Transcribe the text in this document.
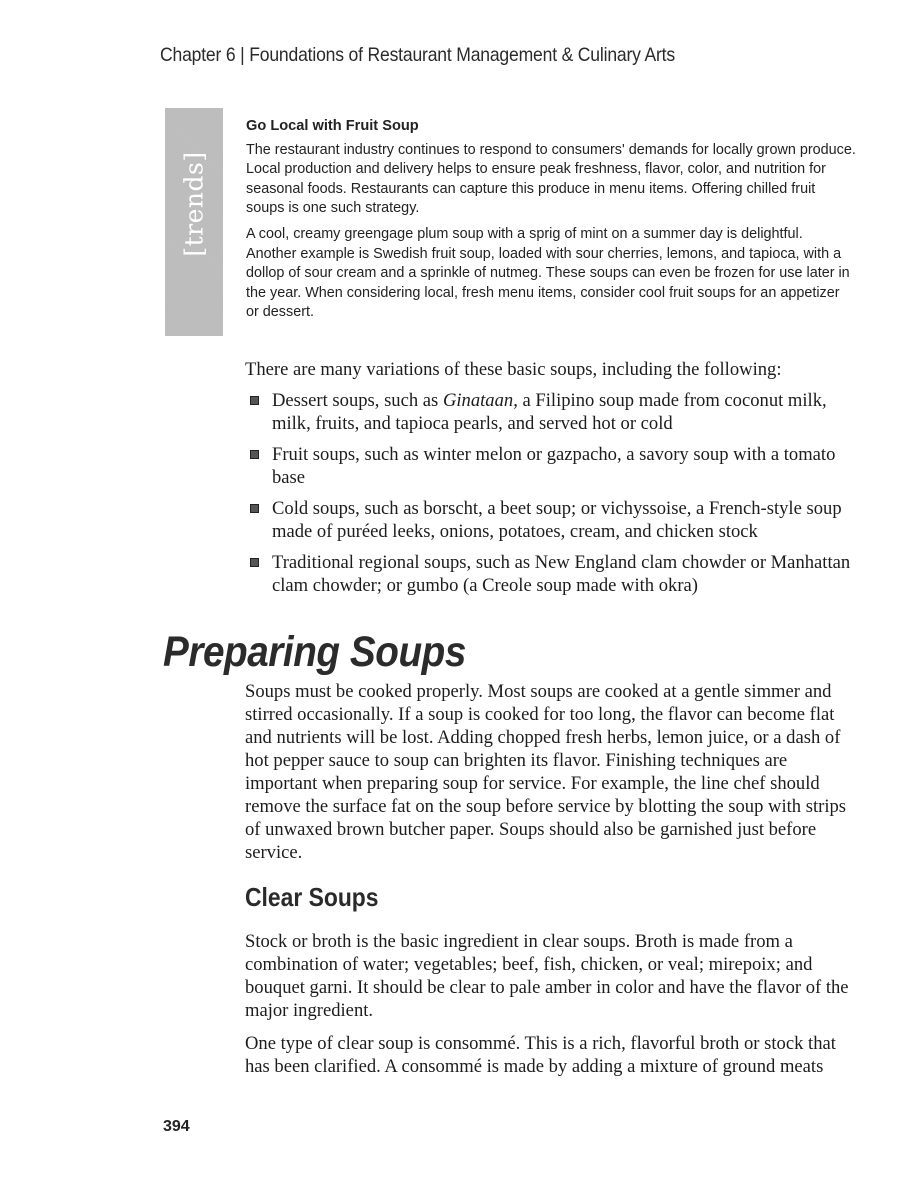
Chapter 6 | Foundations of Restaurant Management & Culinary Arts
[trends]
Go Local with Fruit Soup

The restaurant industry continues to respond to consumers' demands for locally grown produce. Local production and delivery helps to ensure peak freshness, flavor, color, and nutrition for seasonal foods. Restaurants can capture this produce in menu items. Offering chilled fruit soups is one such strategy.

A cool, creamy greengage plum soup with a sprig of mint on a summer day is delightful. Another example is Swedish fruit soup, loaded with sour cherries, lemons, and tapioca, with a dollop of sour cream and a sprinkle of nutmeg. These soups can even be frozen for use later in the year. When considering local, fresh menu items, consider cool fruit soups for an appetizer or dessert.

There are many variations of these basic soups, including the following:

Dessert soups, such as Ginataan, a Filipino soup made from coconut milk, milk, fruits, and tapioca pearls, and served hot or cold
Fruit soups, such as winter melon or gazpacho, a savory soup with a tomato base
Cold soups, such as borscht, a beet soup; or vichyssoise, a French-style soup made of puréed leeks, onions, potatoes, cream, and chicken stock
Traditional regional soups, such as New England clam chowder or Manhattan clam chowder; or gumbo (a Creole soup made with okra)
Preparing Soups

Soups must be cooked properly. Most soups are cooked at a gentle simmer and stirred occasionally. If a soup is cooked for too long, the flavor can become flat and nutrients will be lost. Adding chopped fresh herbs, lemon juice, or a dash of hot pepper sauce to soup can brighten its flavor. Finishing techniques are important when preparing soup for service. For example, the line chef should remove the surface fat on the soup before service by blotting the soup with strips of unwaxed brown butcher paper. Soups should also be garnished just before service.

Clear Soups

Stock or broth is the basic ingredient in clear soups. Broth is made from a combination of water; vegetables; beef, fish, chicken, or veal; mirepoix; and bouquet garni. It should be clear to pale amber in color and have the flavor of the major ingredient.

One type of clear soup is consommé. This is a rich, flavorful broth or stock that has been clarified. A consommé is made by adding a mixture of ground meats

394
